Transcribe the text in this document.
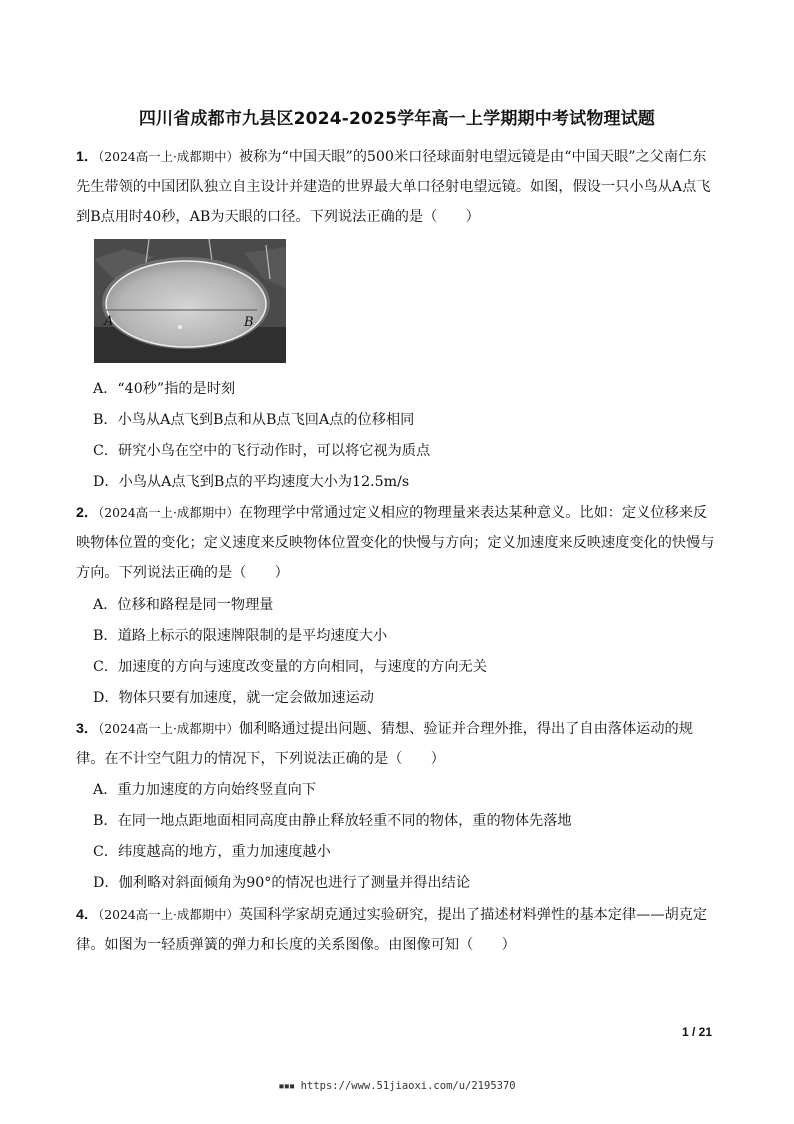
四川省成都市九县区2024-2025学年高一上学期期中考试物理试题
1．（2024高一上·成都期中）被称为“中国天眼”的500米口径球面射电望远镜是由“中国天眼”之父南仁东先生带领的中国团队独立自主设计并建造的世界最大单口径射电望远镜。如图，假设一只小鸟从A点飞到B点用时40秒，AB为天眼的口径。下列说法正确的是（　　）
A	B
A．“40秒”指的是时刻
B．小鸟从A点飞到B点和从B点飞回A点的位移相同
C．研究小鸟在空中的飞行动作时，可以将它视为质点
D．小鸟从A点飞到B点的平均速度大小为12.5m/s
2．（2024高一上·成都期中）在物理学中常通过定义相应的物理量来表达某种意义。比如：定义位移来反映物体位置的变化；定义速度来反映物体位置变化的快慢与方向；定义加速度来反映速度变化的快慢与方向。下列说法正确的是（　　）
A．位移和路程是同一物理量
B．道路上标示的限速牌限制的是平均速度大小
C．加速度的方向与速度改变量的方向相同，与速度的方向无关
D．物体只要有加速度，就一定会做加速运动
3．（2024高一上·成都期中）伽利略通过提出问题、猜想、验证并合理外推，得出了自由落体运动的规律。在不计空气阻力的情况下，下列说法正确的是（　　）
A．重力加速度的方向始终竖直向下
B．在同一地点距地面相同高度由静止释放轻重不同的物体，重的物体先落地
C．纬度越高的地方，重力加速度越小
D．伽利略对斜面倾角为90°的情况也进行了测量并得出结论
4．（2024高一上·成都期中）英国科学家胡克通过实验研究，提出了描述材料弹性的基本定律——胡克定律。如图为一轻质弹簧的弹力和长度的关系图像。由图像可知（　　）
1 / 21
▪▪▪ https://www.51jiaoxi.com/u/2195370
